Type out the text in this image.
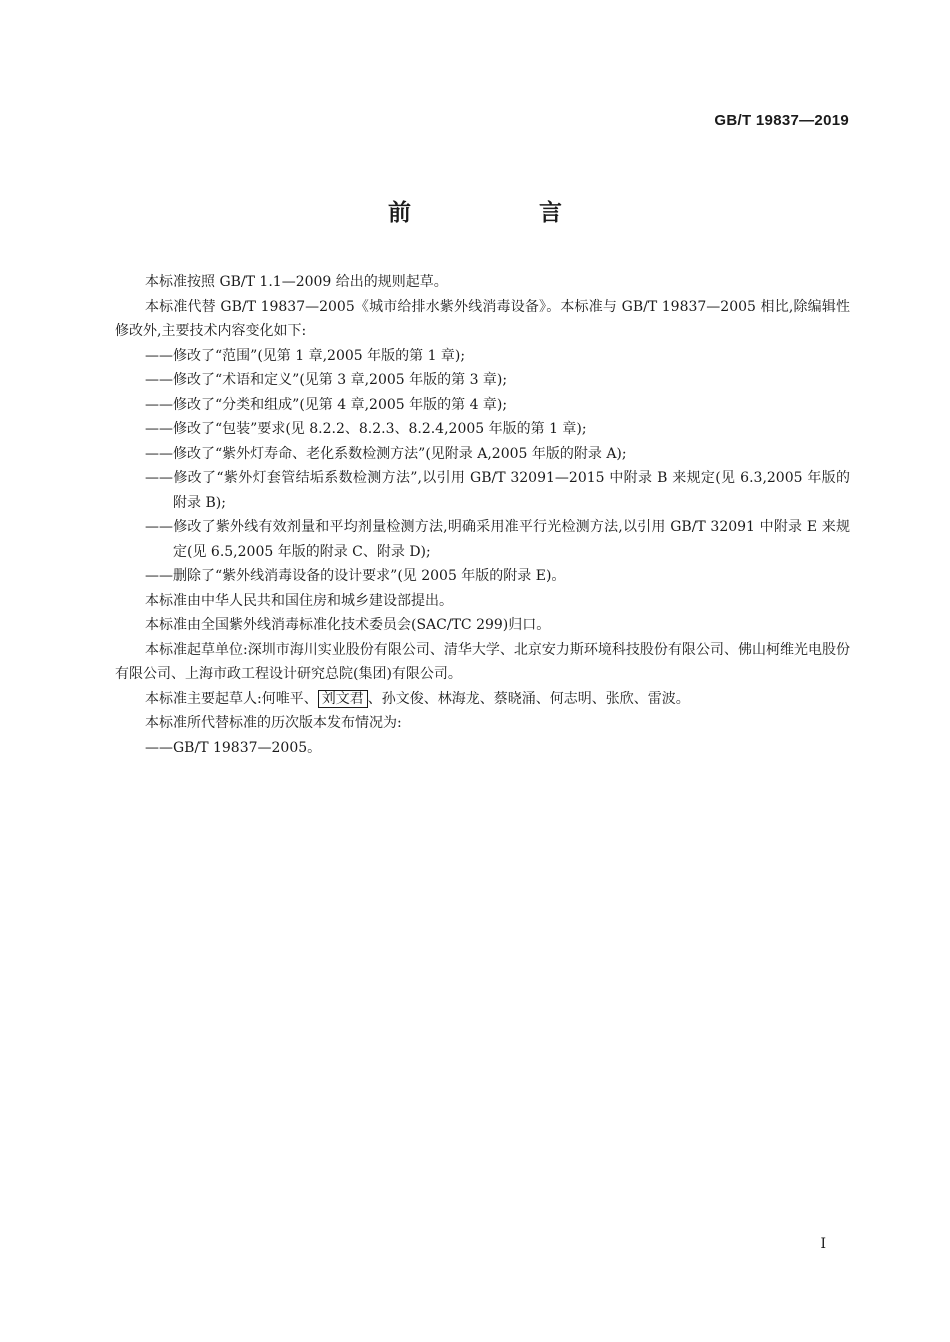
GB/T 19837—2019
前 言

本标准按照 GB/T 1.1—2009 给出的规则起草。

本标准代替 GB/T 19837—2005《城市给排水紫外线消毒设备》。本标准与 GB/T 19837—2005 相比,除编辑性修改外,主要技术内容变化如下:

——修改了“范围”(见第 1 章,2005 年版的第 1 章);

——修改了“术语和定义”(见第 3 章,2005 年版的第 3 章);

——修改了“分类和组成”(见第 4 章,2005 年版的第 4 章);

——修改了“包装”要求(见 8.2.2、8.2.3、8.2.4,2005 年版的第 1 章);

——修改了“紫外灯寿命、老化系数检测方法”(见附录 A,2005 年版的附录 A);

——修改了“紫外灯套管结垢系数检测方法”,以引用 GB/T 32091—2015 中附录 B 来规定(见 6.3,2005 年版的附录 B);

——修改了紫外线有效剂量和平均剂量检测方法,明确采用准平行光检测方法,以引用 GB/T 32091 中附录 E 来规定(见 6.5,2005 年版的附录 C、附录 D);

——删除了“紫外线消毒设备的设计要求”(见 2005 年版的附录 E)。

本标准由中华人民共和国住房和城乡建设部提出。

本标准由全国紫外线消毒标准化技术委员会(SAC/TC 299)归口。

本标准起草单位:深圳市海川实业股份有限公司、清华大学、北京安力斯环境科技股份有限公司、佛山柯维光电股份有限公司、上海市政工程设计研究总院(集团)有限公司。

本标准主要起草人:何唯平、 刘文君 、孙文俊、林海龙、蔡晓涌、何志明、张欣、雷波。

本标准所代替标准的历次版本发布情况为:

——GB/T 19837—2005。

I
